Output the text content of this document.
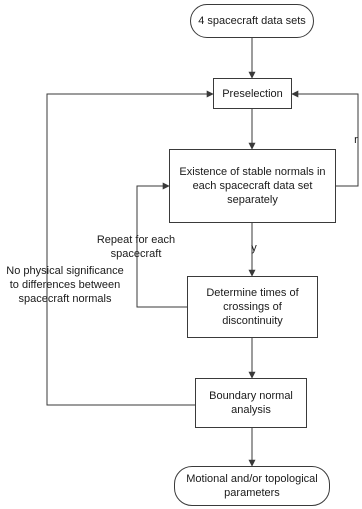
4 spacecraft data sets
Preselection
Existence of stable normals in each spacecraft data set separately
Determine times of crossings of discontinuity
Boundary normal analysis
Motional and/or topological parameters
Repeat for each
spacecraft
No physical significance
to differences between
spacecraft normals
y
r
